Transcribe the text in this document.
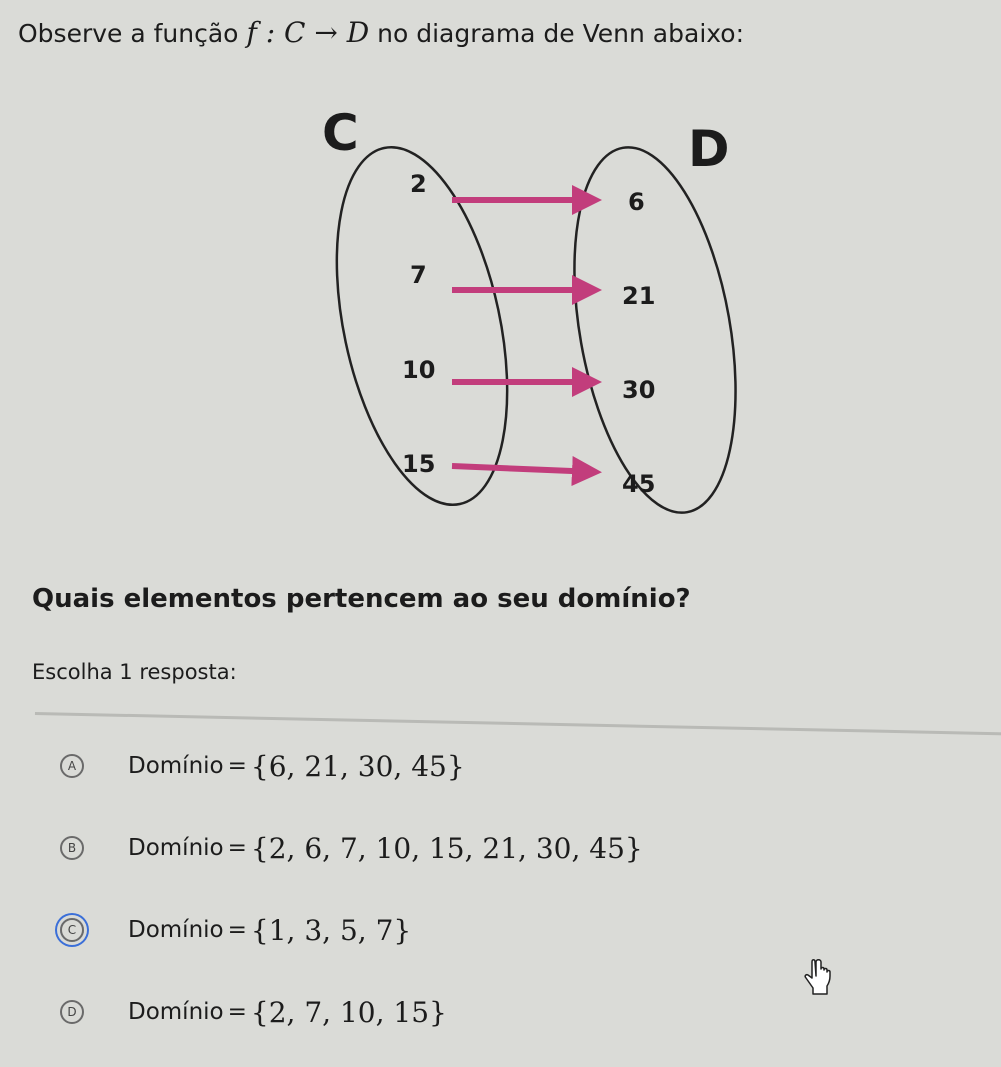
Observe a função f : C → D no diagrama de Venn abaixo:
C	D
2
7
10
15
6
21
30
45
Quais elementos pertencem ao seu domínio?
Escolha 1 resposta:
A	Domínio = {6, 21, 30, 45}
B	Domínio = {2, 6, 7, 10, 15, 21, 30, 45}
C	Domínio = {1, 3, 5, 7}
D	Domínio = {2, 7, 10, 15}
